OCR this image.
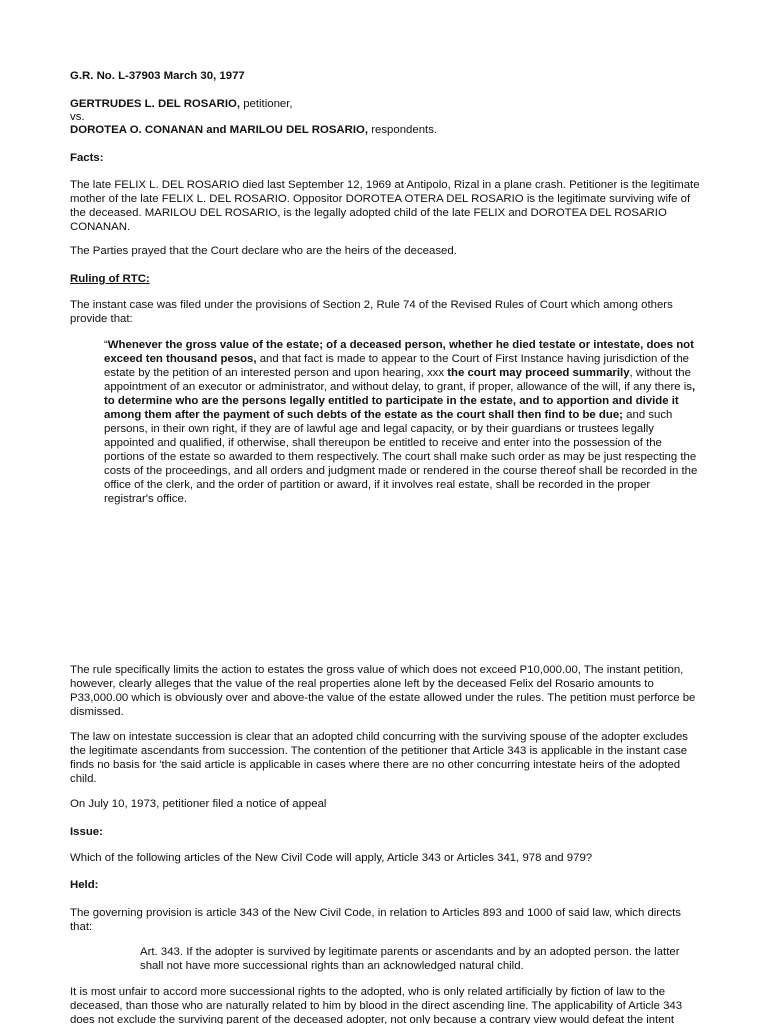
G.R. No. L-37903 March 30, 1977

GERTRUDES L. DEL ROSARIO, petitioner,

vs.

DOROTEA O. CONANAN and MARILOU DEL ROSARIO, respondents.

Facts:

The late FELIX L. DEL ROSARIO died last September 12, 1969 at Antipolo, Rizal in a plane crash. Petitioner is the legitimate mother of the late FELIX L. DEL ROSARIO. Oppositor DOROTEA OTERA DEL ROSARIO is the legitimate surviving wife of the deceased. MARILOU DEL ROSARIO, is the legally adopted child of the late FELIX and DOROTEA DEL ROSARIO CONANAN.

The Parties prayed that the Court declare who are the heirs of the deceased.

Ruling of RTC:

The instant case was filed under the provisions of Section 2, Rule 74 of the Revised Rules of Court which among others provide that:

“Whenever the gross value of the estate; of a deceased person, whether he died testate or intestate, does not exceed ten thousand pesos, and that fact is made to appear to the Court of First Instance having jurisdiction of the estate by the petition of an interested person and upon hearing, xxx the court may proceed summarily, without the appointment of an executor or administrator, and without delay, to grant, if proper, allowance of the will, if any there is, to determine who are the persons legally entitled to participate in the estate, and to apportion and divide it among them after the payment of such debts of the estate as the court shall then find to be due; and such persons, in their own right, if they are of lawful age and legal capacity, or by their guardians or trustees legally appointed and qualified, if otherwise, shall thereupon be entitled to receive and enter into the possession of the portions of the estate so awarded to them respectively. The court shall make such order as may be just respecting the costs of the proceedings, and all orders and judgment made or rendered in the course thereof shall be recorded in the office of the clerk, and the order of partition or award, if it involves real estate, shall be recorded in the proper registrar's office.

The rule specifically limits the action to estates the gross value of which does not exceed P10,000.00, The instant petition, however, clearly alleges that the value of the real properties alone left by the deceased Felix del Rosario amounts to P33,000.00 which is obviously over and above-the value of the estate allowed under the rules. The petition must perforce be dismissed.

The law on intestate succession is clear that an adopted child concurring with the surviving spouse of the adopter excludes the legitimate ascendants from succession. The contention of the petitioner that Article 343 is applicable in the instant case finds no basis for 'the said article is applicable in cases where there are no other concurring intestate heirs of the adopted child.

On July 10, 1973, petitioner filed a notice of appeal

Issue:

Which of the following articles of the New Civil Code will apply, Article 343 or Articles 341, 978 and 979?

Held:

The governing provision is article 343 of the New Civil Code, in relation to Articles 893 and 1000 of said law, which directs that:

Art. 343. If the adopter is survived by legitimate parents or ascendants and by an adopted person. the latter shall not have more successional rights than an acknowledged natural child.

It is most unfair to accord more successional rights to the adopted, who is only related artificially by fiction of law to the deceased, than those who are naturally related to him by blood in the direct ascending line. The applicability of Article 343 does not exclude the surviving parent of the deceased adopter, not only because a contrary view would defeat the intent
